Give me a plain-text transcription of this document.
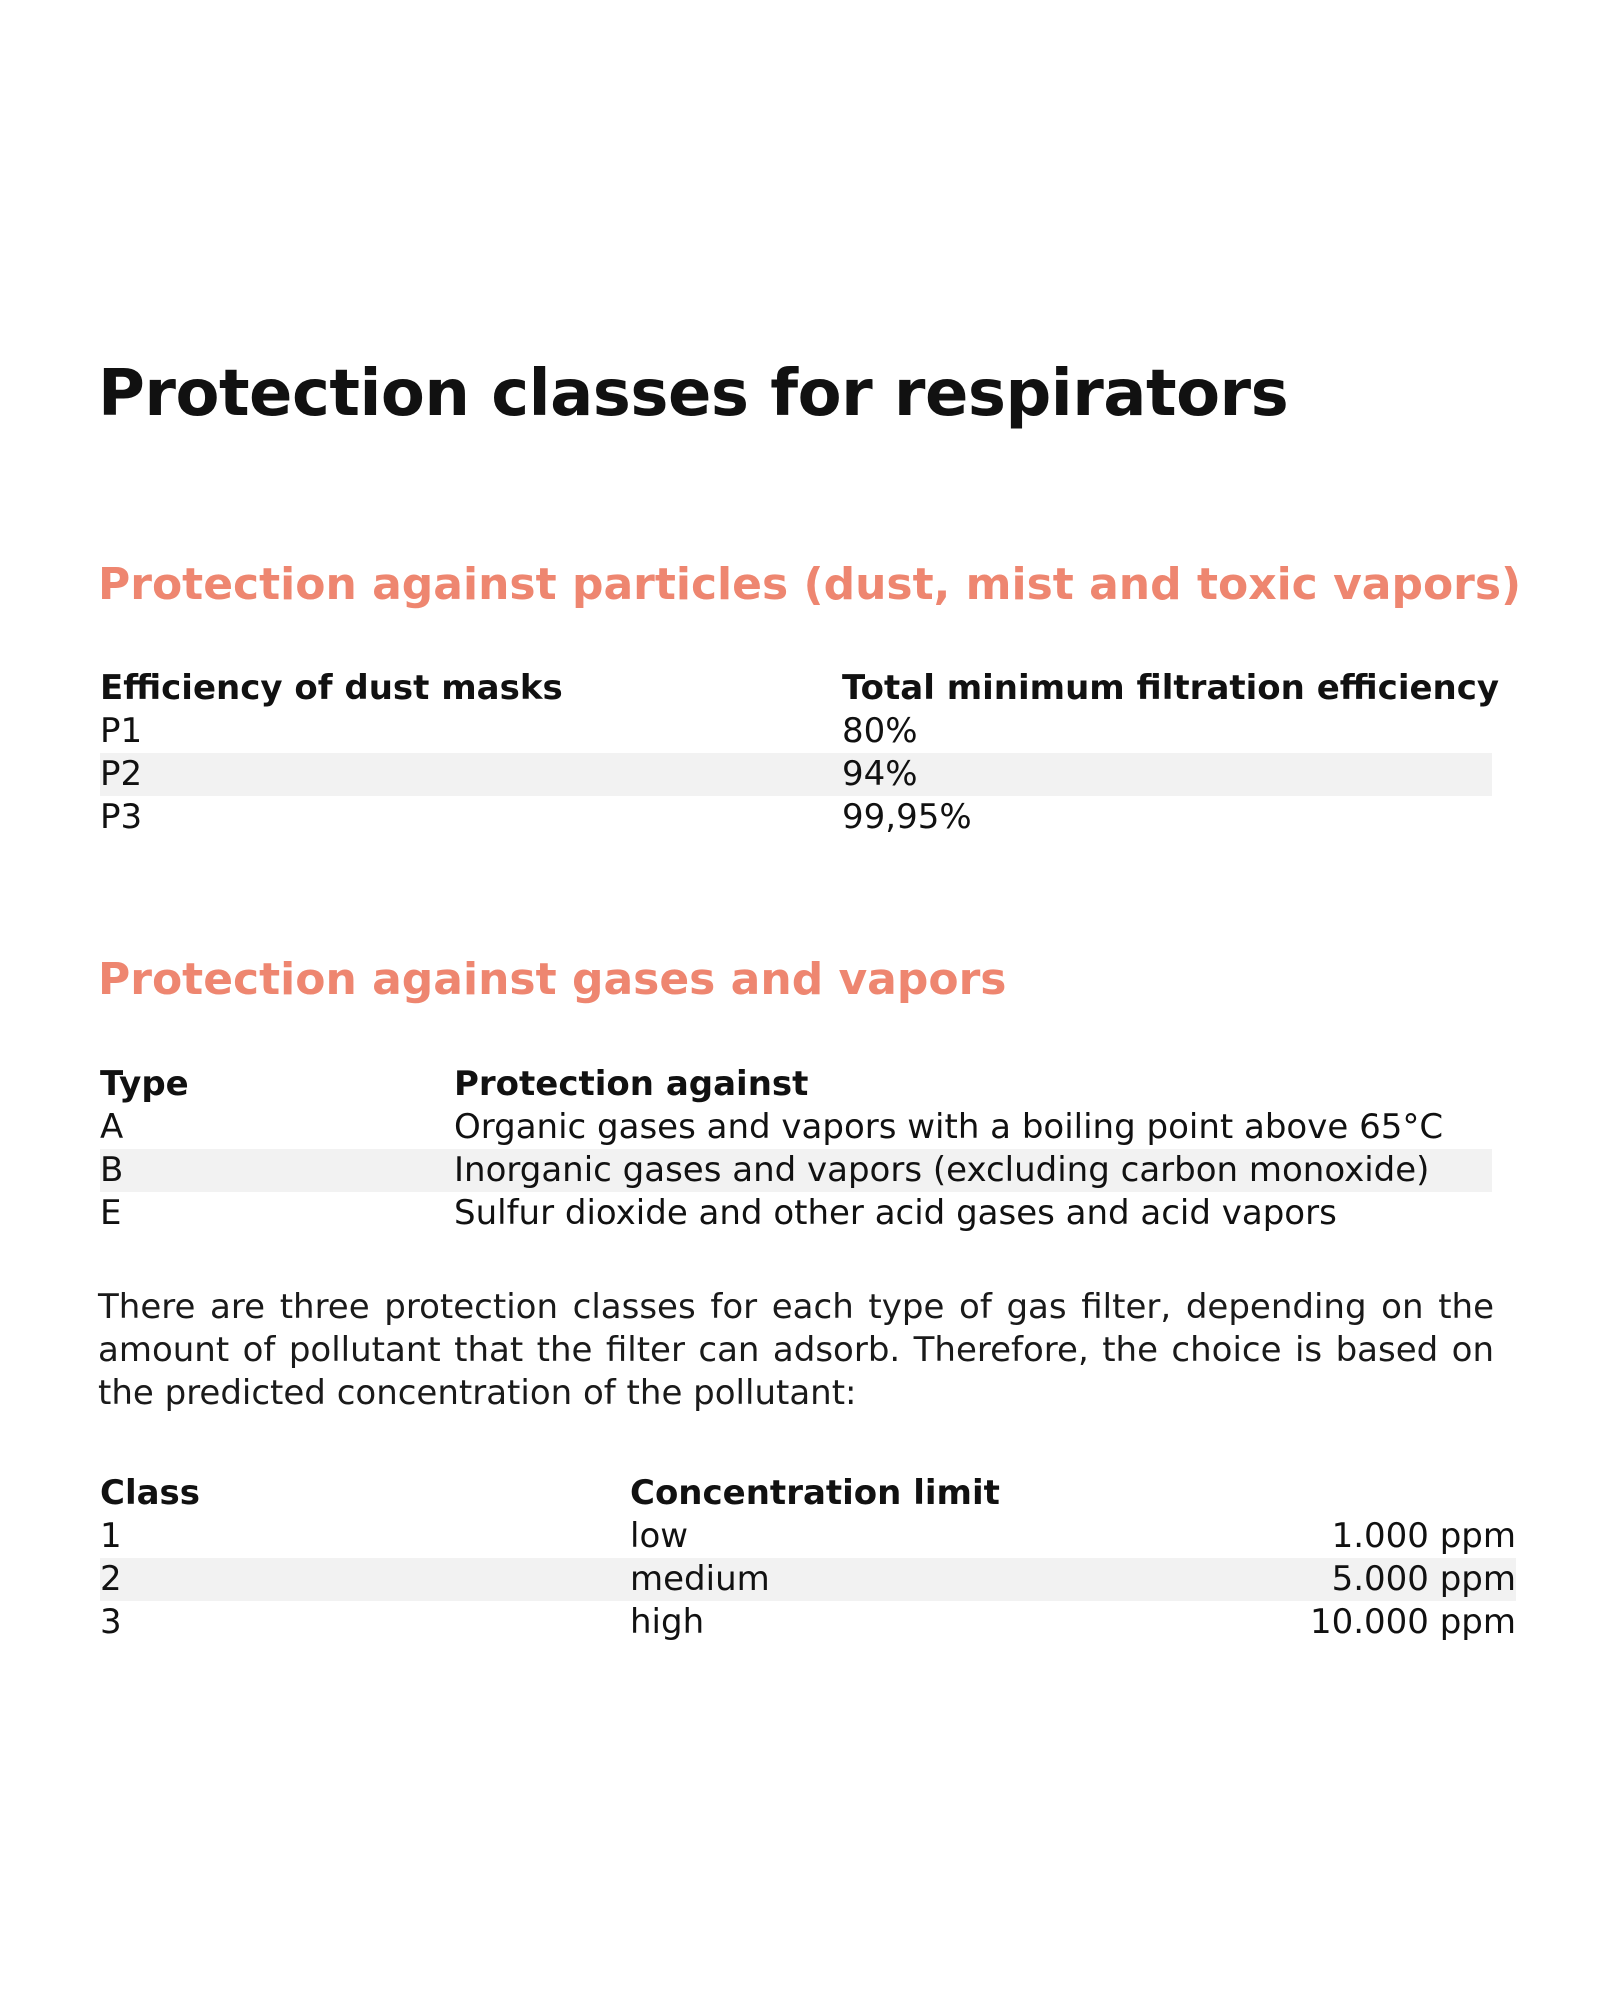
Protection classes for respirators
Protection against particles (dust, mist and toxic vapors)
Efficiency of dust masks	Total minimum filtration efficiency
P1	80%
P2	94%
P3	99,95%
Protection against gases and vapors
Type	Protection against
A	Organic gases and vapors with a boiling point above 65°C
B	Inorganic gases and vapors (excluding carbon monoxide)
E	Sulfur dioxide and other acid gases and acid vapors

There are three protection classes for each type of gas filter, depending on the amount of pollutant that the filter can adsorb. Therefore, the choice is based on the predicted concentration of the pollutant:

Class	Concentration limit
1	low	1.000 ppm
2	medium	5.000 ppm
3	high	10.000 ppm
